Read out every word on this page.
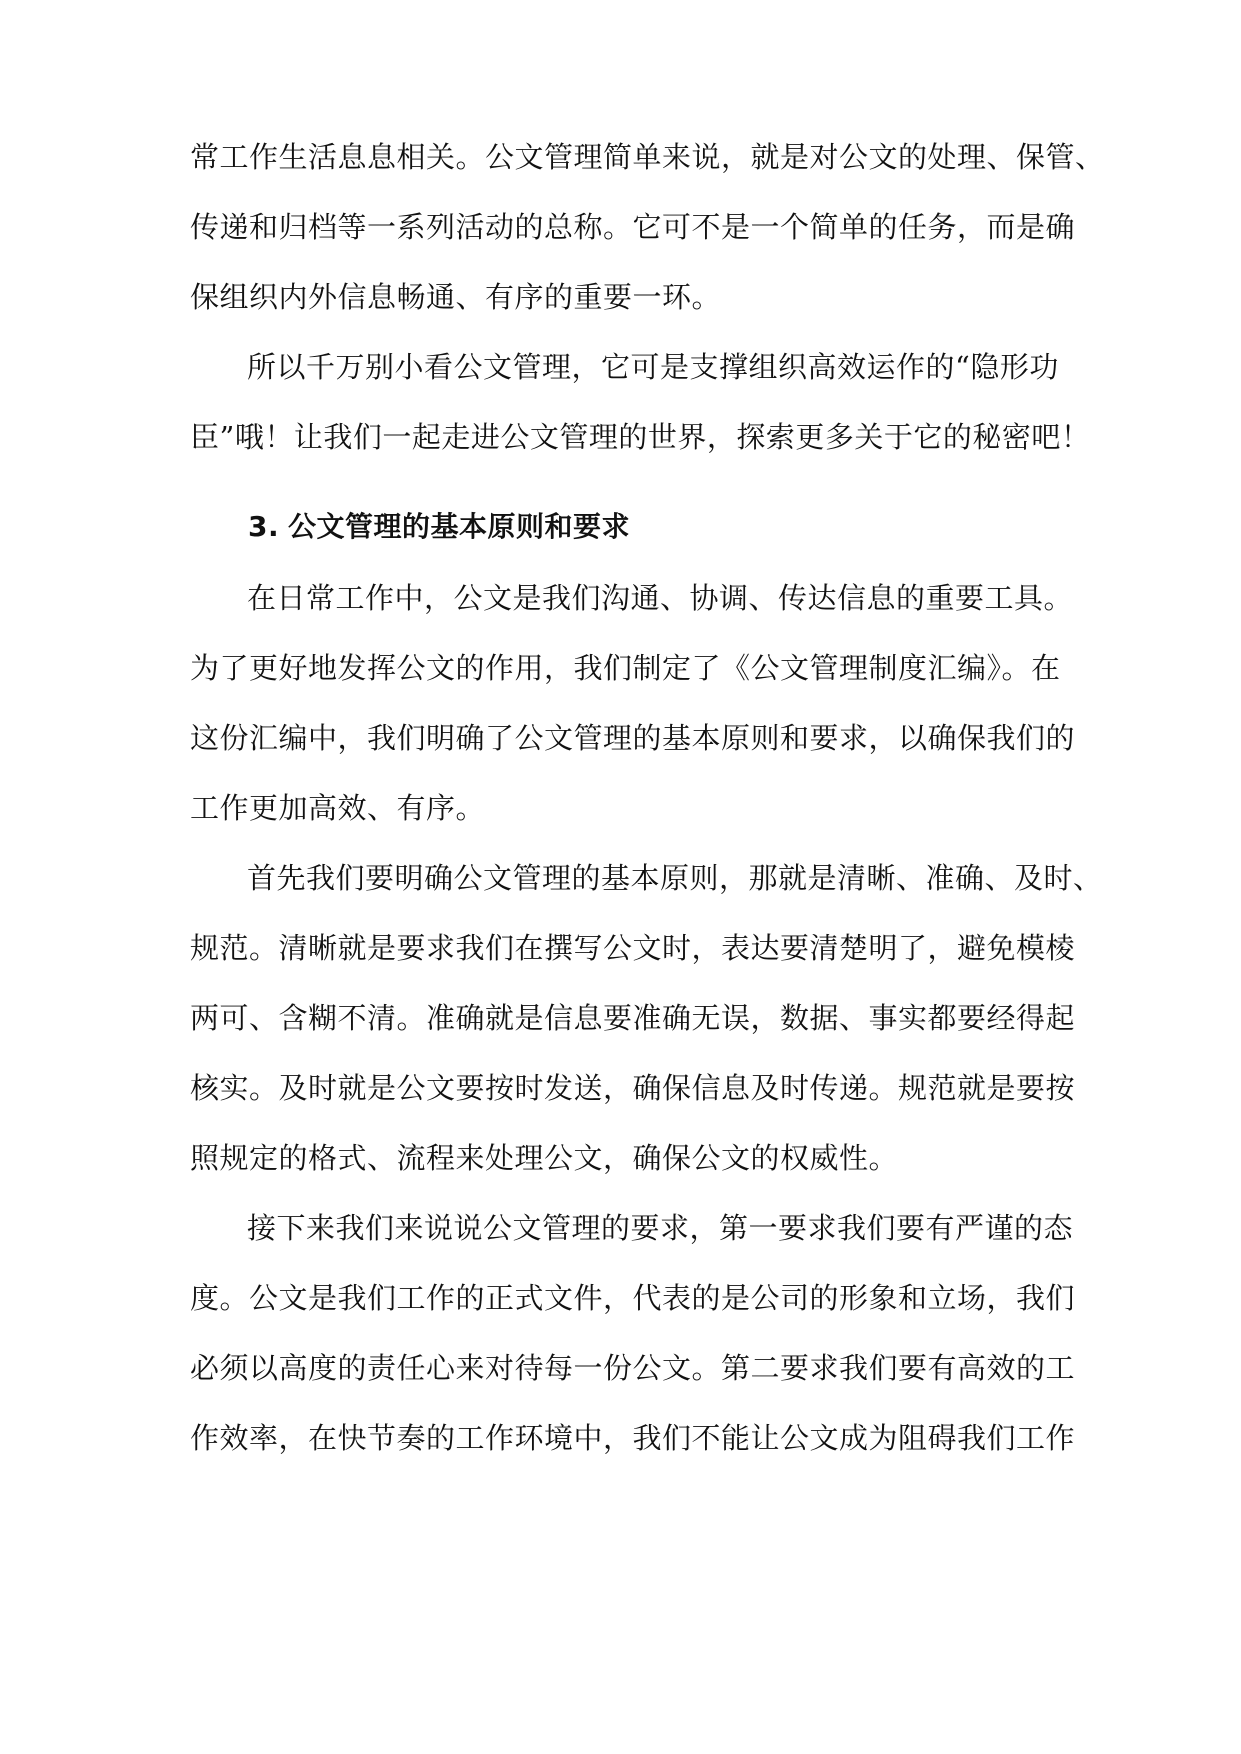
常工作生活息息相关。公文管理简单来说，就是对公文的处理、保管、
传递和归档等一系列活动的总称。它可不是一个简单的任务，而是确
保组织内外信息畅通、有序的重要一环。
所以千万别小看公文管理，它可是支撑组织高效运作的“隐形功
臣”哦！让我们一起走进公文管理的世界，探索更多关于它的秘密吧！
3. 公文管理的基本原则和要求
在日常工作中，公文是我们沟通、协调、传达信息的重要工具。
为了更好地发挥公文的作用，我们制定了《公文管理制度汇编》。在
这份汇编中，我们明确了公文管理的基本原则和要求，以确保我们的
工作更加高效、有序。
首先我们要明确公文管理的基本原则，那就是清晰、准确、及时、
规范。清晰就是要求我们在撰写公文时，表达要清楚明了，避免模棱
两可、含糊不清。准确就是信息要准确无误，数据、事实都要经得起
核实。及时就是公文要按时发送，确保信息及时传递。规范就是要按
照规定的格式、流程来处理公文，确保公文的权威性。
接下来我们来说说公文管理的要求，第一要求我们要有严谨的态
度。公文是我们工作的正式文件，代表的是公司的形象和立场，我们
必须以高度的责任心来对待每一份公文。第二要求我们要有高效的工
作效率，在快节奏的工作环境中，我们不能让公文成为阻碍我们工作
